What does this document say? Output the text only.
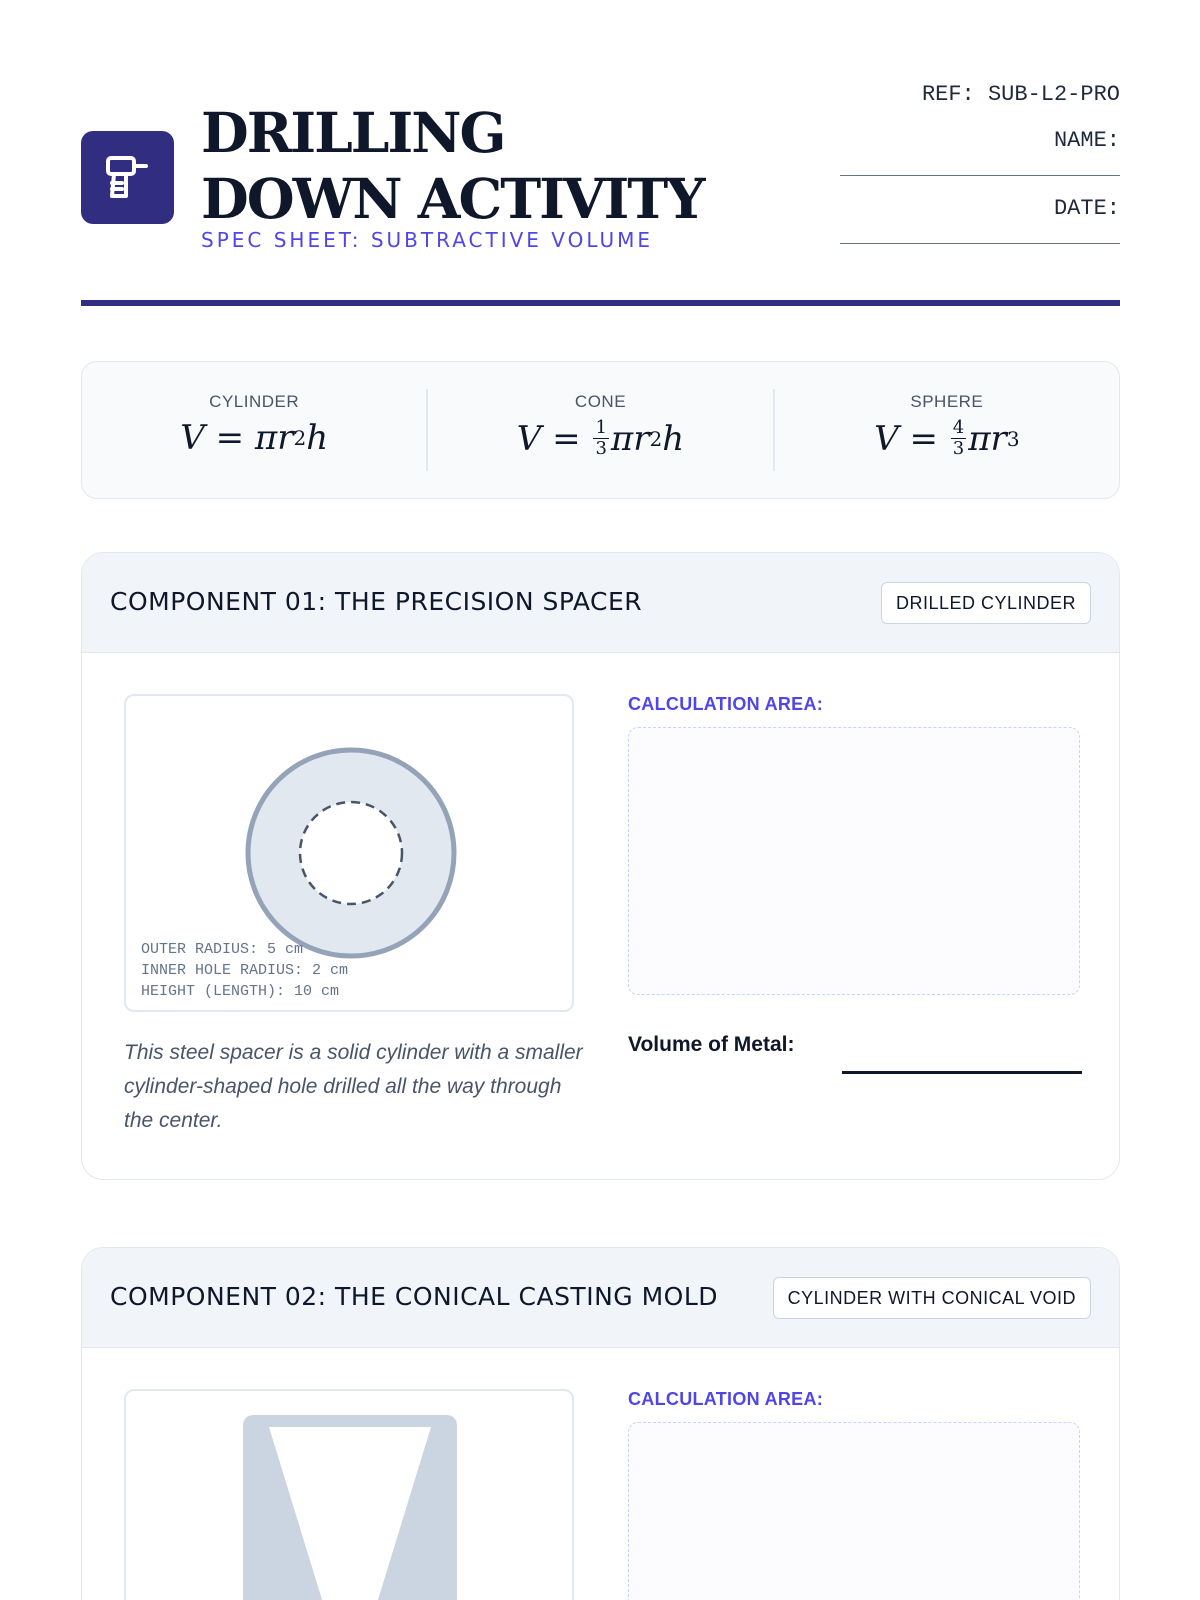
DRILLING DOWN ACTIVITY
SPEC SHEET: SUBTRACTIVE VOLUME
REF: SUB-L2-PRO
NAME:
DATE:
CYLINDER
V =
πr 2 h
CONE
V =
$\frac{1}{3}$ πr 2 h
SPHERE
V =
$\frac{4}{3}$ πr 3
COMPONENT 01: THE PRECISION SPACER	DRILLED CYLINDER
OUTER RADIUS: 5 cm
INNER HOLE RADIUS: 2 cm
HEIGHT (LENGTH): 10 cm
This steel spacer is a solid cylinder with a smaller cylinder-shaped hole drilled all the way through the center.
CALCULATION AREA:
Volume of Metal:
COMPONENT 02: THE CONICAL CASTING MOLD	CYLINDER WITH CONICAL VOID
CALCULATION AREA:
